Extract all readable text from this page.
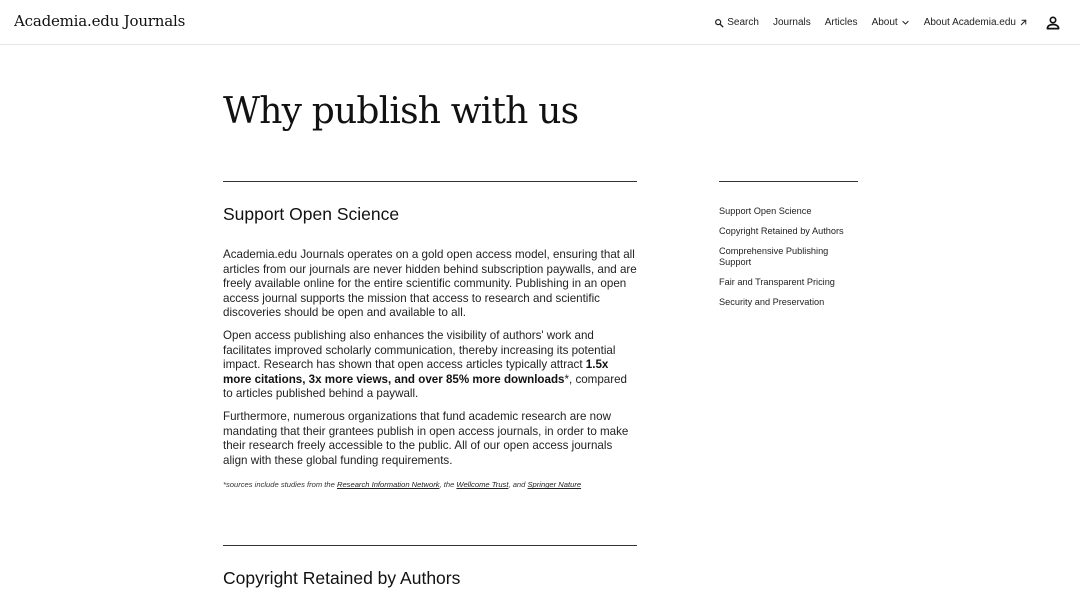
Academia.edu Journals	Search Journals Articles About	About Academia.edu
Why publish with us
Support Open Science

Academia.edu Journals operates on a gold open access model, ensuring that all articles from our journals are never hidden behind subscription paywalls, and are freely available online for the entire scientific community. Publishing in an open access journal supports the mission that access to research and scientific discoveries should be open and available to all.

Open access publishing also enhances the visibility of authors' work and facilitates improved scholarly communication, thereby increasing its potential impact. Research has shown that open access articles typically attract 1.5x more citations, 3x more views, and over 85% more downloads*, compared to articles published behind a paywall.

Furthermore, numerous organizations that fund academic research are now mandating that their grantees publish in open access journals, in order to make their research freely accessible to the public. All of our open access journals align with these global funding requirements.

*sources include studies from the Research Information Network, the Wellcome Trust, and Springer Nature
Copyright Retained by Authors
Support Open Science
Copyright Retained by Authors
Comprehensive Publishing Support
Fair and Transparent Pricing
Security and Preservation
